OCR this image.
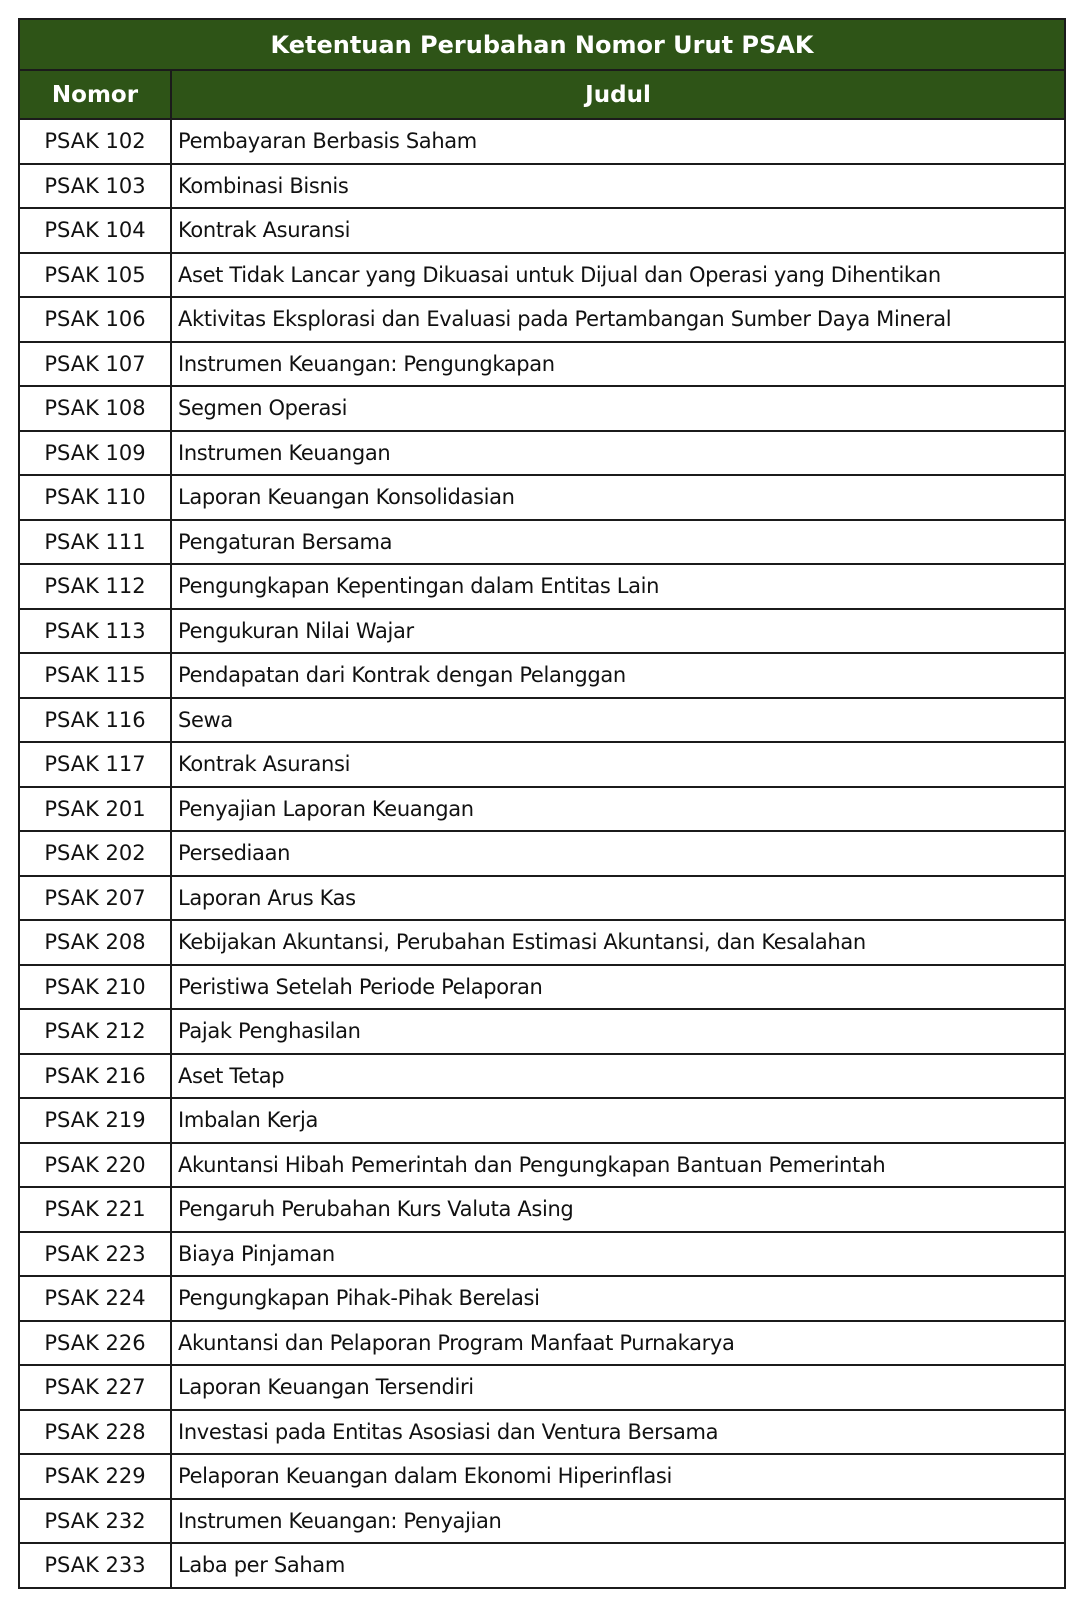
Ketentuan Perubahan Nomor Urut PSAK	
Nomor	Judul
PSAK 102	Pembayaran Berbasis Saham
PSAK 103	Kombinasi Bisnis
PSAK 104	Kontrak Asuransi
PSAK 105	Aset Tidak Lancar yang Dikuasai untuk Dijual dan Operasi yang Dihentikan
PSAK 106	Aktivitas Eksplorasi dan Evaluasi pada Pertambangan Sumber Daya Mineral
PSAK 107	Instrumen Keuangan: Pengungkapan
PSAK 108	Segmen Operasi
PSAK 109	Instrumen Keuangan
PSAK 110	Laporan Keuangan Konsolidasian
PSAK 111	Pengaturan Bersama
PSAK 112	Pengungkapan Kepentingan dalam Entitas Lain
PSAK 113	Pengukuran Nilai Wajar
PSAK 115	Pendapatan dari Kontrak dengan Pelanggan
PSAK 116	Sewa
PSAK 117	Kontrak Asuransi
PSAK 201	Penyajian Laporan Keuangan
PSAK 202	Persediaan
PSAK 207	Laporan Arus Kas
PSAK 208	Kebijakan Akuntansi, Perubahan Estimasi Akuntansi, dan Kesalahan
PSAK 210	Peristiwa Setelah Periode Pelaporan
PSAK 212	Pajak Penghasilan
PSAK 216	Aset Tetap
PSAK 219	Imbalan Kerja
PSAK 220	Akuntansi Hibah Pemerintah dan Pengungkapan Bantuan Pemerintah
PSAK 221	Pengaruh Perubahan Kurs Valuta Asing
PSAK 223	Biaya Pinjaman
PSAK 224	Pengungkapan Pihak-Pihak Berelasi
PSAK 226	Akuntansi dan Pelaporan Program Manfaat Purnakarya
PSAK 227	Laporan Keuangan Tersendiri
PSAK 228	Investasi pada Entitas Asosiasi dan Ventura Bersama
PSAK 229	Pelaporan Keuangan dalam Ekonomi Hiperinflasi
PSAK 232	Instrumen Keuangan: Penyajian
PSAK 233	Laba per Saham
